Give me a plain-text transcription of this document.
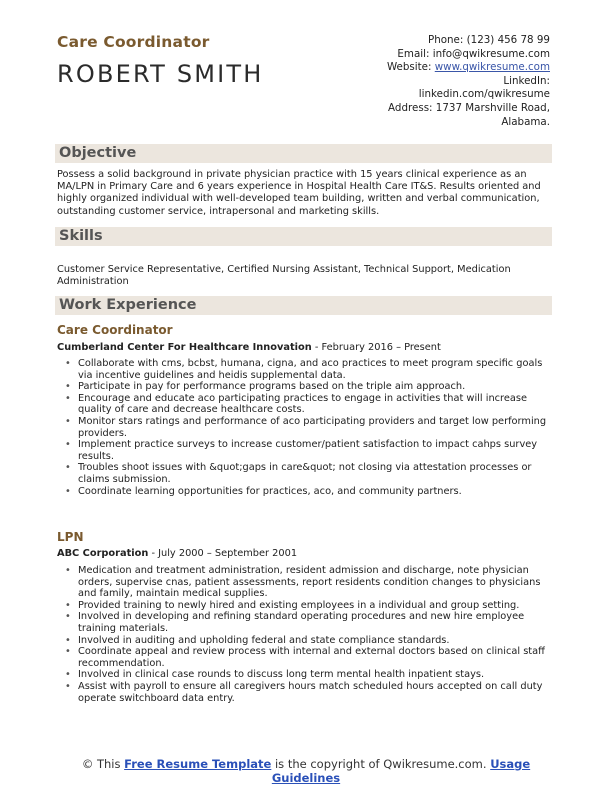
Care Coordinator
ROBERT SMITH
Phone: (123) 456 78 99
Email: info@qwikresume.com
Website: www.qwikresume.com
LinkedIn:
linkedin.com/qwikresume
Address: 1737 Marshville Road,
Alabama.
Objective
Possess a solid background in private physician practice with 15 years clinical experience as an MA/LPN in Primary Care and 6 years experience in Hospital Health Care IT&S. Results oriented and highly organized individual with well-developed team building, written and verbal communication, outstanding customer service, intrapersonal and marketing skills.
Skills
Customer Service Representative, Certified Nursing Assistant, Technical Support, Medication Administration
Work Experience
Care Coordinator
Cumberland Center For Healthcare Innovation - February 2016 – Present
• Collaborate with cms, bcbst, humana, cigna, and aco practices to meet program specific goals via incentive guidelines and heidis supplemental data.
• Participate in pay for performance programs based on the triple aim approach.
• Encourage and educate aco participating practices to engage in activities that will increase quality of care and decrease healthcare costs.
• Monitor stars ratings and performance of aco participating providers and target low performing providers.
• Implement practice surveys to increase customer/patient satisfaction to impact cahps survey results.
• Troubles shoot issues with &quot;gaps in care&quot; not closing via attestation processes or claims submission.
• Coordinate learning opportunities for practices, aco, and community partners.
LPN
ABC Corporation - July 2000 – September 2001
• Medication and treatment administration, resident admission and discharge, note physician orders, supervise cnas, patient assessments, report residents condition changes to physicians and family, maintain medical supplies.
• Provided training to newly hired and existing employees in a individual and group setting.
• Involved in developing and refining standard operating procedures and new hire employee training materials.
• Involved in auditing and upholding federal and state compliance standards.
• Coordinate appeal and review process with internal and external doctors based on clinical staff recommendation.
• Involved in clinical case rounds to discuss long term mental health inpatient stays.
• Assist with payroll to ensure all caregivers hours match scheduled hours accepted on call duty operate switchboard data entry.
© This Free Resume Template is the copyright of Qwikresume.com. Usage Guidelines
